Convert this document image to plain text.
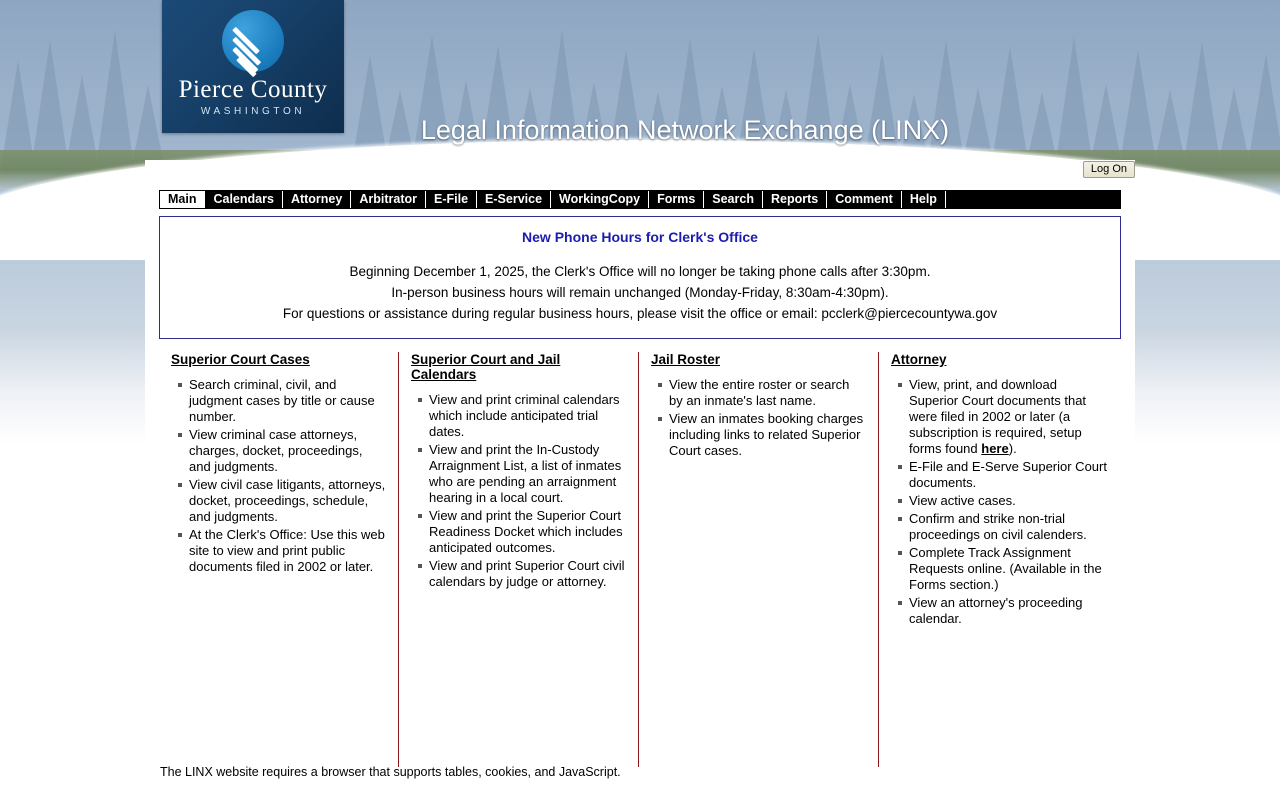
Pierce County
WASHINGTON
Legal Information Network Exchange (LINX)
Log On
Main	Calendars	Attorney	Arbitrator	E-File	E-Service	WorkingCopy	Forms	Search	Reports	Comment	Help
New Phone Hours for Clerk's Office
Beginning December 1, 2025, the Clerk's Office will no longer be taking phone calls after 3:30pm.
In-person business hours will remain unchanged (Monday-Friday, 8:30am-4:30pm).
For questions or assistance during regular business hours, please visit the office or email: pcclerk@piercecountywa.gov
Superior Court Cases
Search criminal, civil, and judgment cases by title or cause number.
View criminal case attorneys, charges, docket, proceedings, and judgments.
View civil case litigants, attorneys, docket, proceedings, schedule, and judgments.
At the Clerk's Office: Use this web site to view and print public documents filed in 2002 or later.
Superior Court and Jail Calendars
View and print criminal calendars which include anticipated trial dates.
View and print the In-Custody Arraignment List, a list of inmates who are pending an arraignment hearing in a local court.
View and print the Superior Court Readiness Docket which includes anticipated outcomes.
View and print Superior Court civil calendars by judge or attorney.
Jail Roster
View the entire roster or search by an inmate's last name.
View an inmates booking charges including links to related Superior Court cases.
Attorney
View, print, and download Superior Court documents that were filed in 2002 or later (a subscription is required, setup forms found here).
E-File and E-Serve Superior Court documents.
View active cases.
Confirm and strike non-trial proceedings on civil calenders.
Complete Track Assignment Requests online. (Available in the Forms section.)
View an attorney's proceeding calendar.
The LINX website requires a browser that supports tables, cookies, and JavaScript.
